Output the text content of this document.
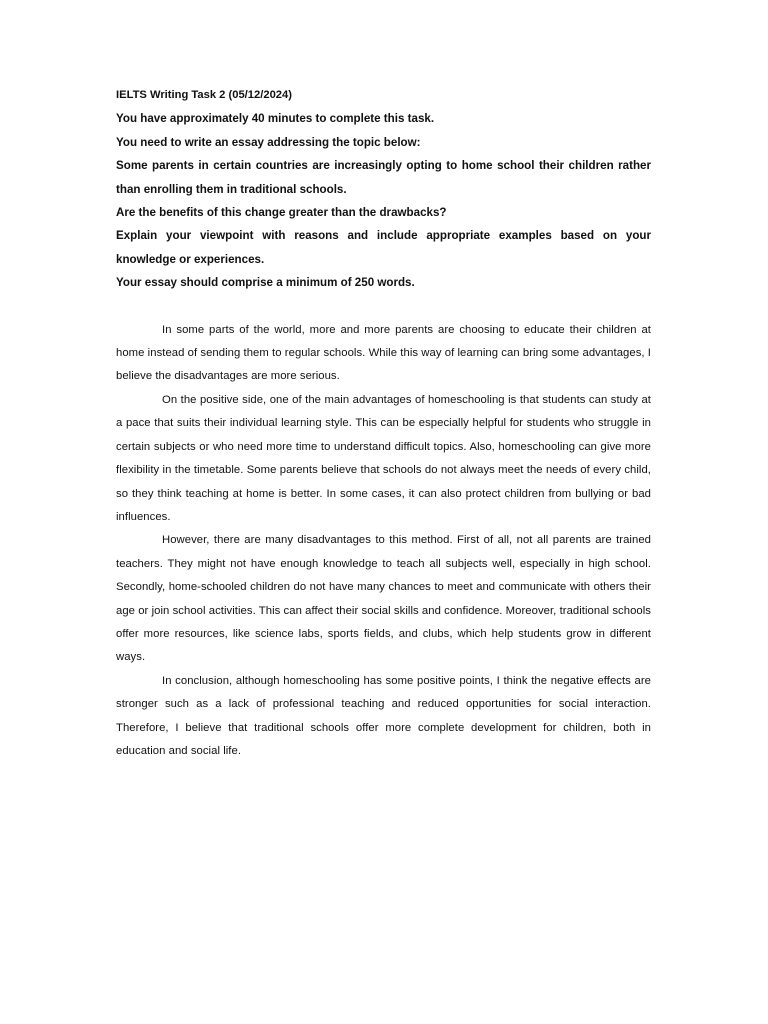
IELTS Writing Task 2 (05/12/2024)

You have approximately 40 minutes to complete this task.

You need to write an essay addressing the topic below:

Some parents in certain countries are increasingly opting to home school their children rather than enrolling them in traditional schools.

Are the benefits of this change greater than the drawbacks?

Explain your viewpoint with reasons and include appropriate examples based on your knowledge or experiences.

Your essay should comprise a minimum of 250 words.

In some parts of the world, more and more parents are choosing to educate their children at home instead of sending them to regular schools. While this way of learning can bring some advantages, I believe the disadvantages are more serious.

On the positive side, one of the main advantages of homeschooling is that students can study at a pace that suits their individual learning style. This can be especially helpful for students who struggle in certain subjects or who need more time to understand difficult topics. Also, homeschooling can give more flexibility in the timetable. Some parents believe that schools do not always meet the needs of every child, so they think teaching at home is better. In some cases, it can also protect children from bullying or bad influences.

However, there are many disadvantages to this method. First of all, not all parents are trained teachers. They might not have enough knowledge to teach all subjects well, especially in high school. Secondly, home-schooled children do not have many chances to meet and communicate with others their age or join school activities. This can affect their social skills and confidence. Moreover, traditional schools offer more resources, like science labs, sports fields, and clubs, which help students grow in different ways.

In conclusion, although homeschooling has some positive points, I think the negative effects are stronger such as a lack of professional teaching and reduced opportunities for social interaction. Therefore, I believe that traditional schools offer more complete development for children, both in education and social life.
